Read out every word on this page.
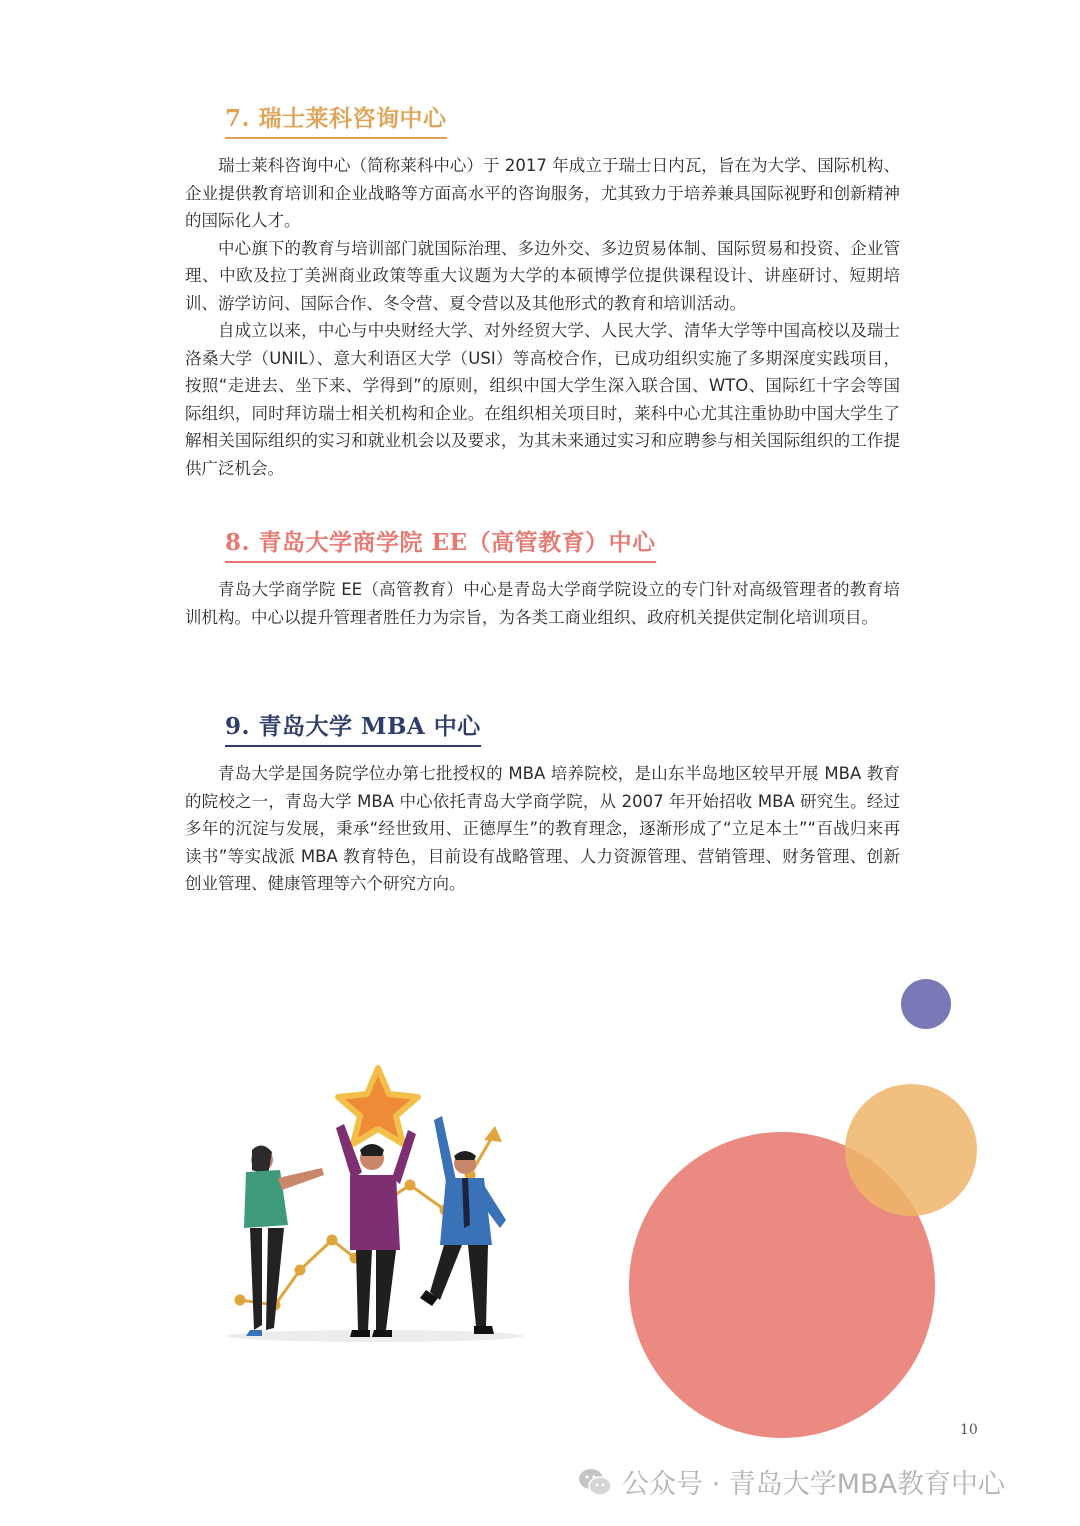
7. 瑞士莱科咨询中心

瑞士莱科咨询中心（简称莱科中心）于 2017 年成立于瑞士日内瓦，旨在为大学、国际机构、企业提供教育培训和企业战略等方面高水平的咨询服务，尤其致力于培养兼具国际视野和创新精神的国际化人才。

中心旗下的教育与培训部门就国际治理、多边外交、多边贸易体制、国际贸易和投资、企业管理、中欧及拉丁美洲商业政策等重大议题为大学的本硕博学位提供课程设计、讲座研讨、短期培训、游学访问、国际合作、冬令营、夏令营以及其他形式的教育和培训活动。

自成立以来，中心与中央财经大学、对外经贸大学、人民大学、清华大学等中国高校以及瑞士洛桑大学（UNIL）、意大利语区大学（USI）等高校合作，已成功组织实施了多期深度实践项目，按照“走进去、坐下来、学得到”的原则，组织中国大学生深入联合国、WTO、国际红十字会等国际组织，同时拜访瑞士相关机构和企业。在组织相关项目时，莱科中心尤其注重协助中国大学生了解相关国际组织的实习和就业机会以及要求，为其未来通过实习和应聘参与相关国际组织的工作提供广泛机会。

8. 青岛大学商学院 EE（高管教育）中心

青岛大学商学院 EE（高管教育）中心是青岛大学商学院设立的专门针对高级管理者的教育培训机构。中心以提升管理者胜任力为宗旨，为各类工商业组织、政府机关提供定制化培训项目。

9. 青岛大学 MBA 中心

青岛大学是国务院学位办第七批授权的 MBA 培养院校，是山东半岛地区较早开展 MBA 教育的院校之一，青岛大学 MBA 中心依托青岛大学商学院，从 2007 年开始招收 MBA 研究生。经过多年的沉淀与发展，秉承“经世致用、正德厚生”的教育理念，逐渐形成了“立足本土”“百战归来再读书”等实战派 MBA 教育特色，目前设有战略管理、人力资源管理、营销管理、财务管理、创新创业管理、健康管理等六个研究方向。

10
公众号 · 青岛大学MBA教育中心
